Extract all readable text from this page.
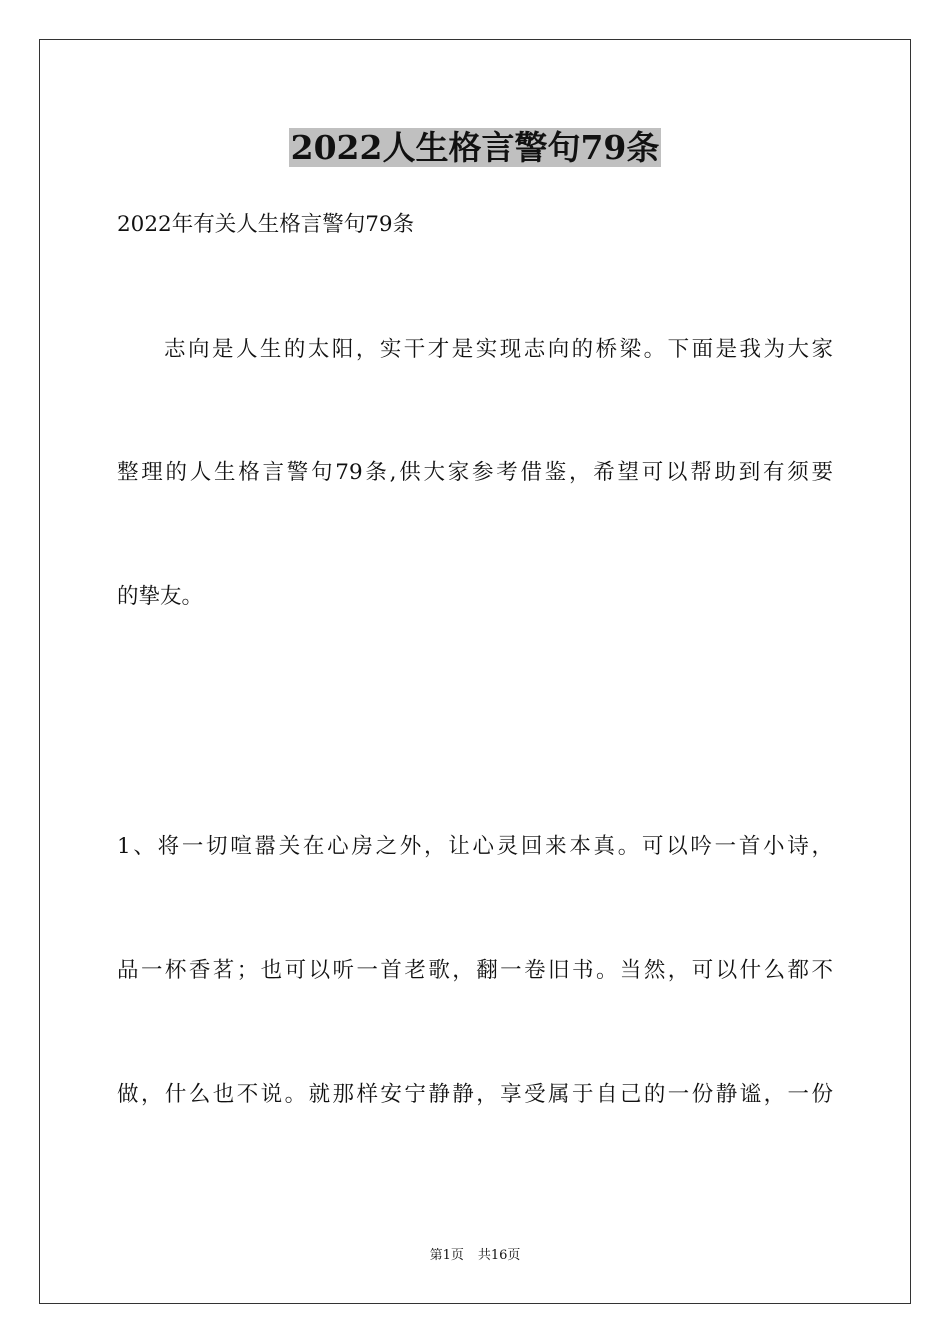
2022人生格言警句79条

2022年有关人生格言警句79条

志向是人生的太阳，实干才是实现志向的桥梁。下面是我为大家

整理的人生格言警句79条,供大家参考借鉴，希望可以帮助到有须要

的挚友。

1、将一切喧嚣关在心房之外，让心灵回来本真。可以吟一首小诗，

品一杯香茗；也可以听一首老歌，翻一卷旧书。当然，可以什么都不

做，什么也不说。就那样安宁静静，享受属于自己的一份静谧，一份

第1页 共16页
